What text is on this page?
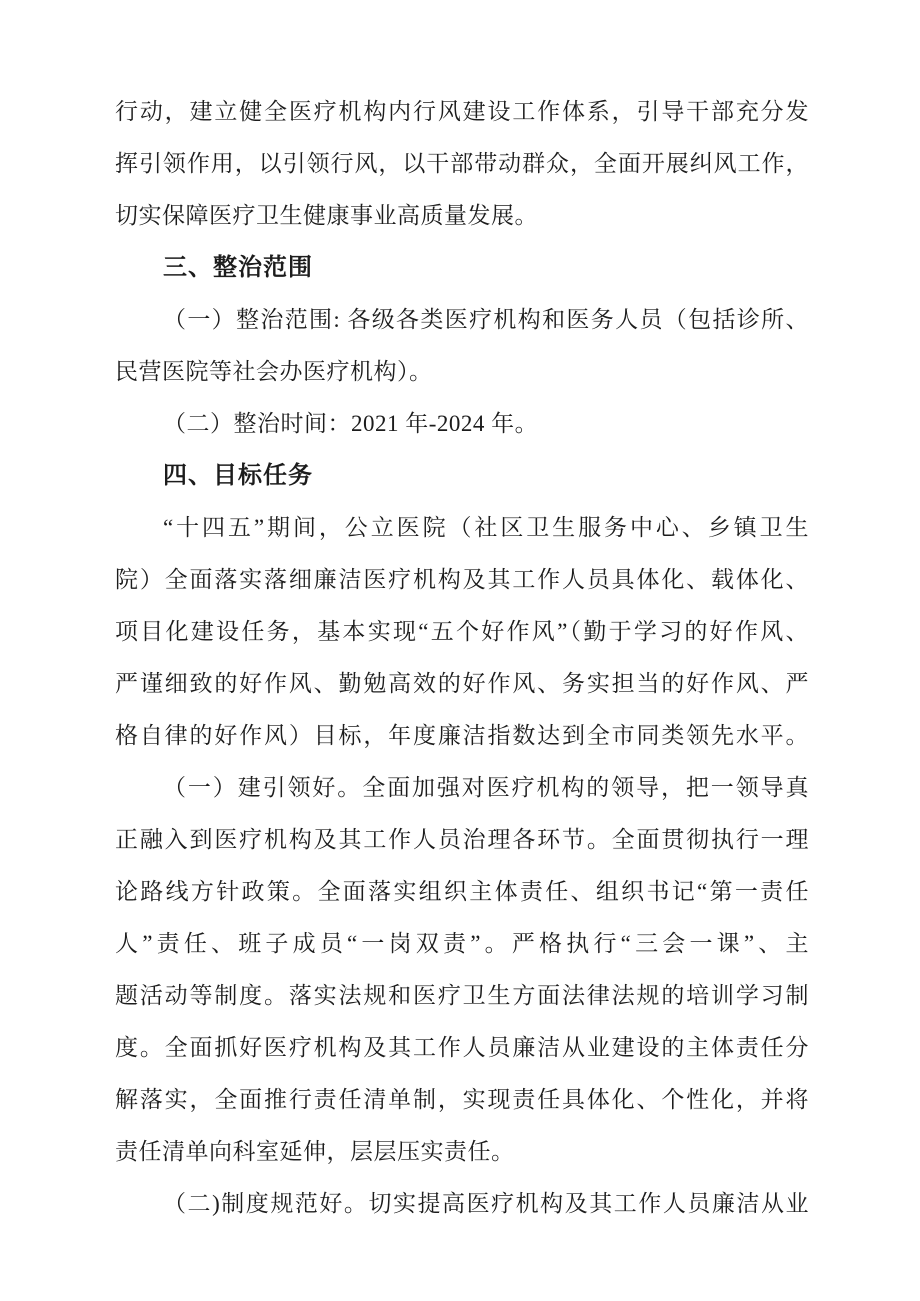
行动，建立健全医疗机构内行风建设工作体系，引导干部充分发
挥引领作用，以引领行风，以干部带动群众，全面开展纠风工作，
切实保障医疗卫生健康事业高质量发展。
三、整治范围
（一）整治范围: 各级各类医疗机构和医务人员（包括诊所、
民营医院等社会办医疗机构）。
（二）整治时间：2021 年-2024 年。
四、目标任务
“十四五”期间，公立医院（社区卫生服务中心、乡镇卫生
院）全面落实落细廉洁医疗机构及其工作人员具体化、载体化、
项目化建设任务，基本实现“五个好作风”（勤于学习的好作风、
严谨细致的好作风、勤勉高效的好作风、务实担当的好作风、严
格自律的好作风）目标，年度廉洁指数达到全市同类领先水平。
（一）建引领好。全面加强对医疗机构的领导，把一领导真
正融入到医疗机构及其工作人员治理各环节。全面贯彻执行一理
论路线方针政策。全面落实组织主体责任、组织书记“第一责任
人”责任、班子成员“一岗双责”。严格执行“三会一课”、主
题活动等制度。落实法规和医疗卫生方面法律法规的培训学习制
度。全面抓好医疗机构及其工作人员廉洁从业建设的主体责任分
解落实，全面推行责任清单制，实现责任具体化、个性化，并将
责任清单向科室延伸，层层压实责任。
（二)制度规范好。切实提高医疗机构及其工作人员廉洁从业
